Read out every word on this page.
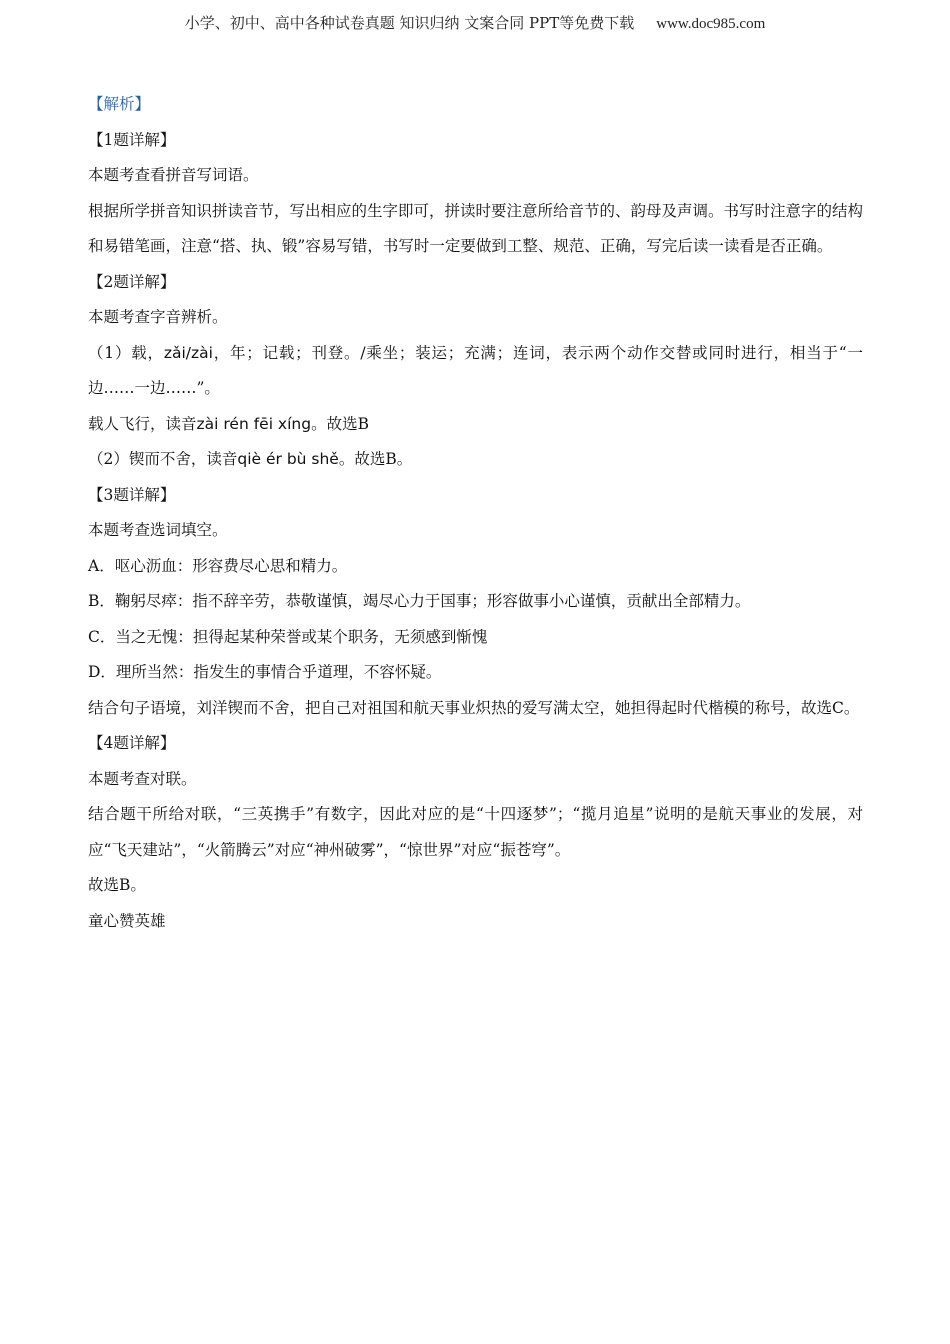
小学、初中、高中各种试卷真题 知识归纳 文案合同 PPT等免费下载 www.doc985.com
【解析】
【1题详解】
本题考查看拼音写词语。
根据所学拼音知识拼读音节，写出相应的生字即可，拼读时要注意所给音节的、韵母及声调。书写时注意字的结构和易错笔画，注意“搭、执、锻”容易写错，书写时一定要做到工整、规范、正确，写完后读一读看是否正确。
【2题详解】
本题考查字音辨析。
（1）载，zǎi/zài，年；记载；刊登。/乘坐；装运；充满；连词，表示两个动作交替或同时进行，相当于“一边……一边……”。
载人飞行，读音zài rén fēi xíng。故选B
（2）锲而不舍，读音qiè ér bù shě。故选B。
【3题详解】
本题考查选词填空。
A．呕心沥血：形容费尽心思和精力。
B．鞠躬尽瘁：指不辞辛劳，恭敬谨慎，竭尽心力于国事；形容做事小心谨慎，贡献出全部精力。
C．当之无愧：担得起某种荣誉或某个职务，无须感到惭愧
D．理所当然：指发生的事情合乎道理，不容怀疑。
结合句子语境，刘洋锲而不舍，把自己对祖国和航天事业炽热的爱写满太空，她担得起时代楷模的称号，故选C。
【4题详解】
本题考查对联。
结合题干所给对联，“三英携手”有数字，因此对应的是“十四逐梦”；“揽月追星”说明的是航天事业的发展，对应“飞天建站”，“火箭腾云”对应“神州破雾”，“惊世界”对应“振苍穹”。
故选B。
童心赞英雄
